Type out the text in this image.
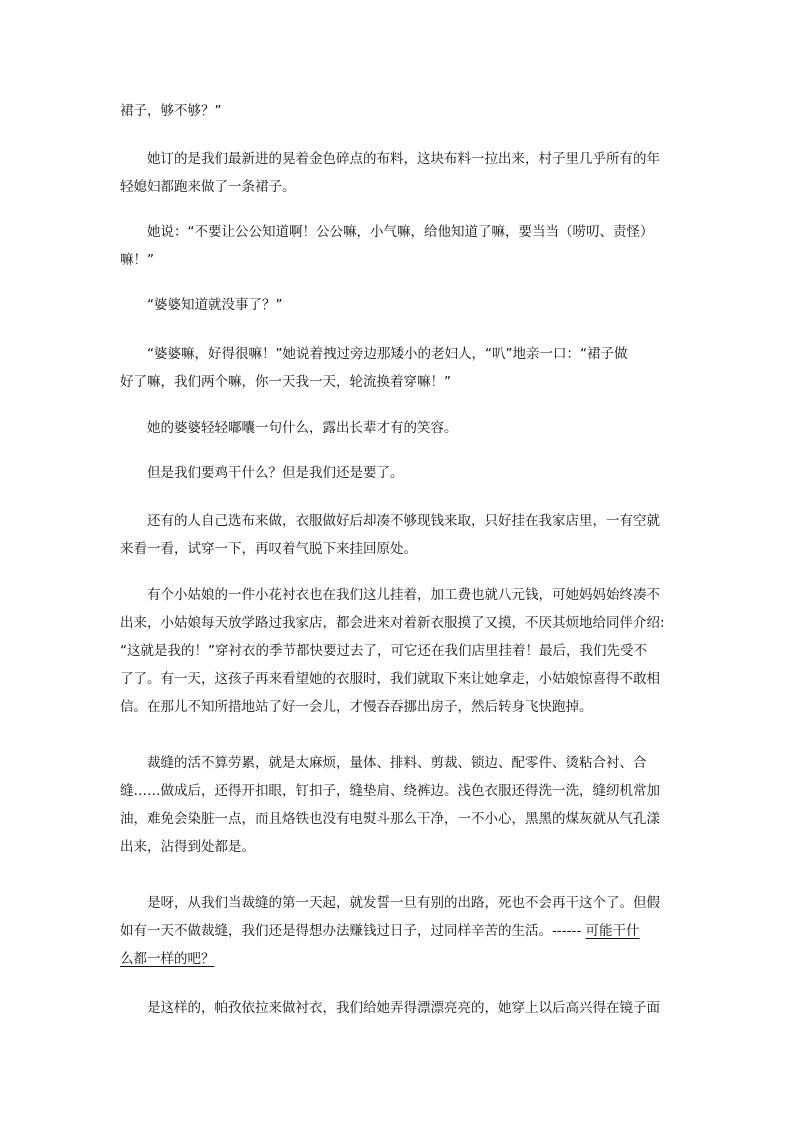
裙子，够不够？”

　　她订的是我们最新进的晃着金色碎点的布料，这块布料一拉出来，村子里几乎所有的年
轻媳妇都跑来做了一条裙子。

　　她说：“不要让公公知道啊！公公嘛，小气嘛，给他知道了嘛，要当当（唠叨、责怪）
嘛！”

　　“婆婆知道就没事了？”

　　“婆婆嘛，好得很嘛！”她说着拽过旁边那矮小的老妇人，“叭”地亲一口：“裙子做
好了嘛，我们两个嘛，你一天我一天，轮流换着穿嘛！”

　　她的婆婆轻轻嘟囔一句什么，露出长辈才有的笑容。

　　但是我们要鸡干什么？但是我们还是要了。

　　还有的人自己选布来做，衣服做好后却凑不够现钱来取，只好挂在我家店里，一有空就
来看一看，试穿一下，再叹着气脱下来挂回原处。

　　有个小姑娘的一件小花衬衣也在我们这儿挂着，加工费也就八元钱，可她妈妈始终凑不
出来，小姑娘每天放学路过我家店，都会进来对着新衣服摸了又摸，不厌其烦地给同伴介绍:
“这就是我的！”穿衬衣的季节都快要过去了，可它还在我们店里挂着！最后，我们先受不
了了。有一天，这孩子再来看望她的衣服时，我们就取下来让她拿走，小姑娘惊喜得不敢相
信。在那儿不知所措地站了好一会儿，才慢吞吞挪出房子，然后转身飞快跑掉。

　　裁缝的活不算劳累，就是太麻烦，量体、排料、剪裁、锁边、配零件、烫粘合衬、合
缝……做成后，还得开扣眼，钉扣子，缝垫肩、绕裤边。浅色衣服还得洗一洗，缝纫机常加
油，难免会染脏一点，而且烙铁也没有电熨斗那么干净，一不小心，黑黑的煤灰就从气孔漾
出来，沾得到处都是。

　　是呀，从我们当裁缝的第一天起，就发誓一旦有别的出路，死也不会再干这个了。但假
如有一天不做裁缝，我们还是得想办法赚钱过日子，过同样辛苦的生活。------ 可能干什
么都一样的吧？

　　是这样的，帕孜依拉来做衬衣，我们给她弄得漂漂亮亮的，她穿上以后高兴得在镜子面
